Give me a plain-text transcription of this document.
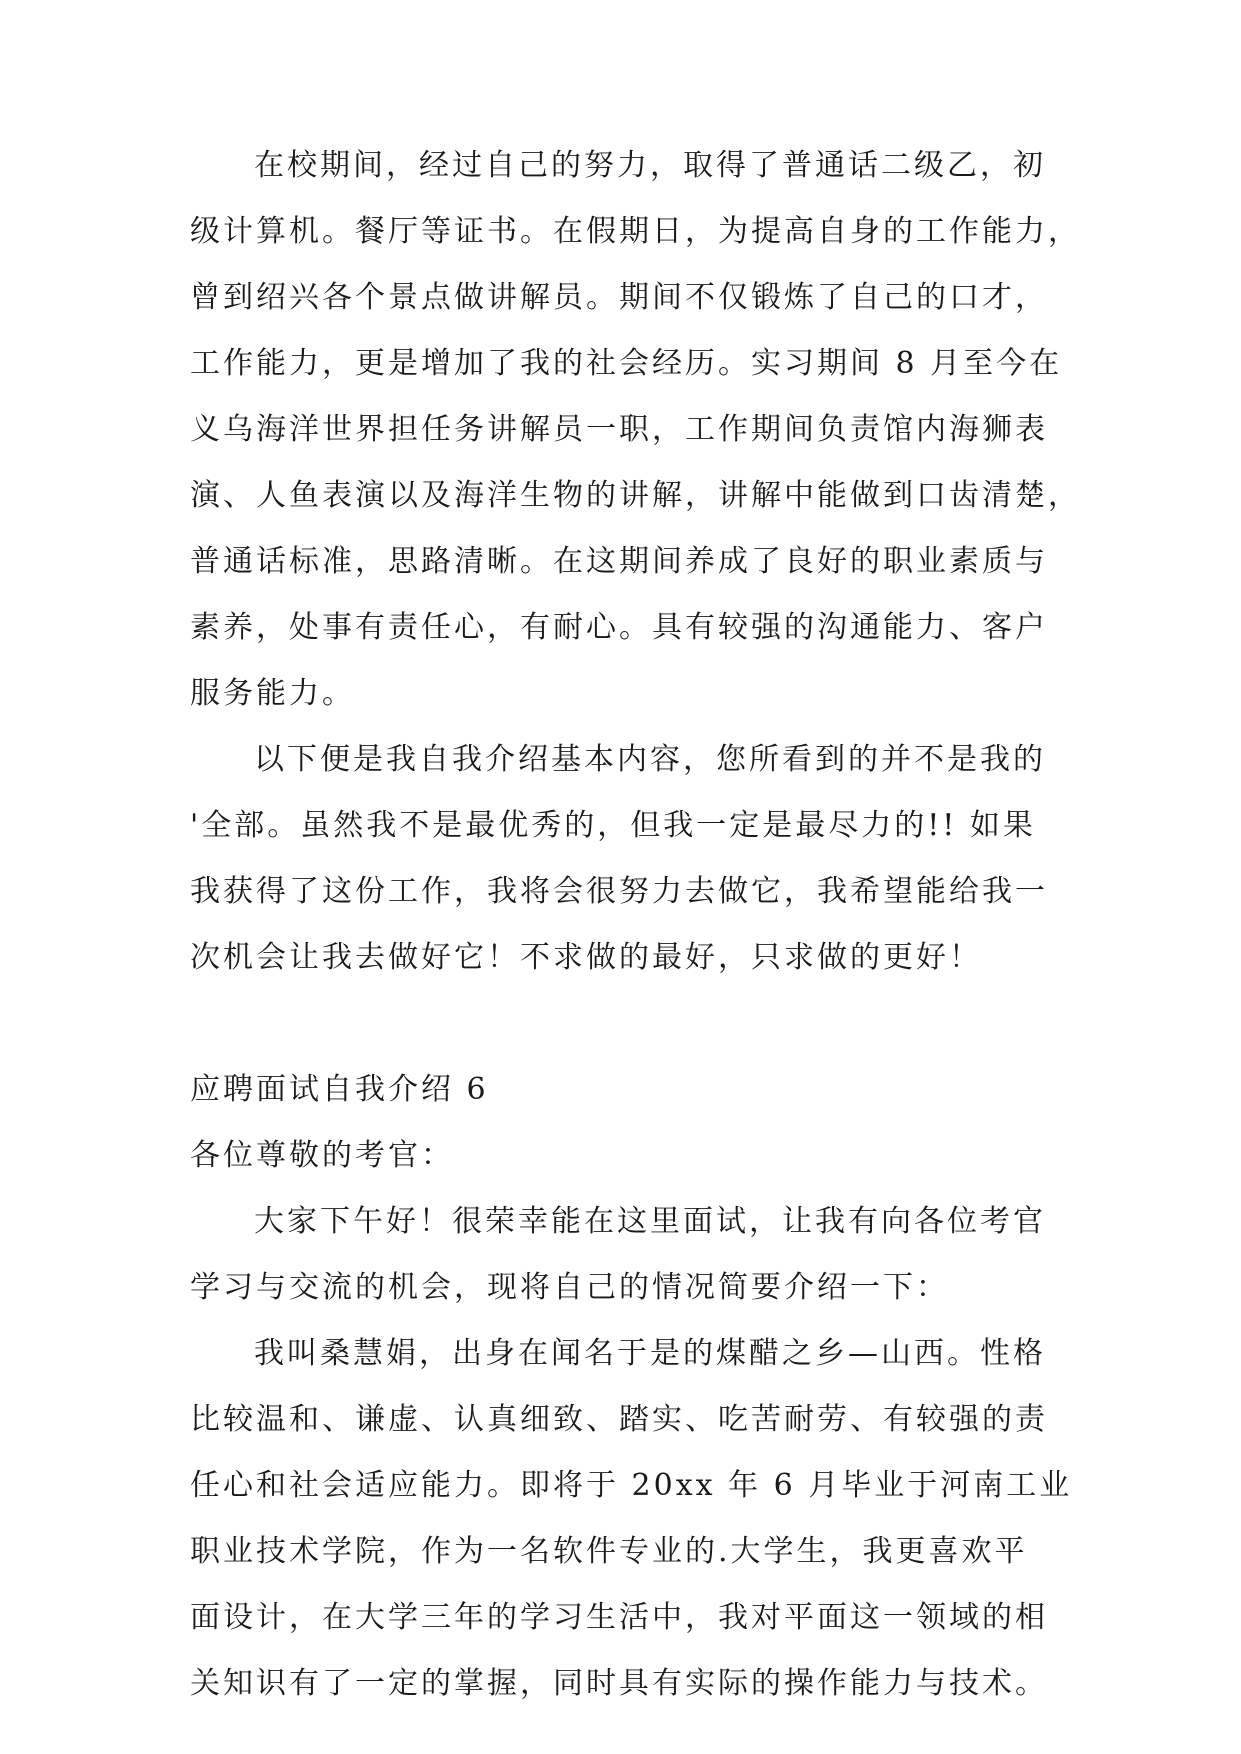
在校期间，经过自己的努力，取得了普通话二级乙，初
级计算机。餐厅等证书。在假期日，为提高自身的工作能力，
曾到绍兴各个景点做讲解员。期间不仅锻炼了自己的口才，
工作能力，更是增加了我的社会经历。实习期间 8 月至今在
义乌海洋世界担任务讲解员一职，工作期间负责馆内海狮表
演、人鱼表演以及海洋生物的讲解，讲解中能做到口齿清楚，
普通话标准，思路清晰。在这期间养成了良好的职业素质与
素养，处事有责任心，有耐心。具有较强的沟通能力、客户
服务能力。
以下便是我自我介绍基本内容，您所看到的并不是我的
'全部。虽然我不是最优秀的，但我一定是最尽力的!! 如果
我获得了这份工作，我将会很努力去做它，我希望能给我一
次机会让我去做好它！不求做的最好，只求做的更好！
应聘面试自我介绍 6
各位尊敬的考官：
大家下午好！很荣幸能在这里面试，让我有向各位考官
学习与交流的机会，现将自己的情况简要介绍一下：
我叫桑慧娟，出身在闻名于是的煤醋之乡—山西。性格
比较温和、谦虚、认真细致、踏实、吃苦耐劳、有较强的责
任心和社会适应能力。即将于 20xx 年 6 月毕业于河南工业
职业技术学院，作为一名软件专业的.大学生，我更喜欢平
面设计，在大学三年的学习生活中，我对平面这一领域的相
关知识有了一定的掌握，同时具有实际的操作能力与技术。
